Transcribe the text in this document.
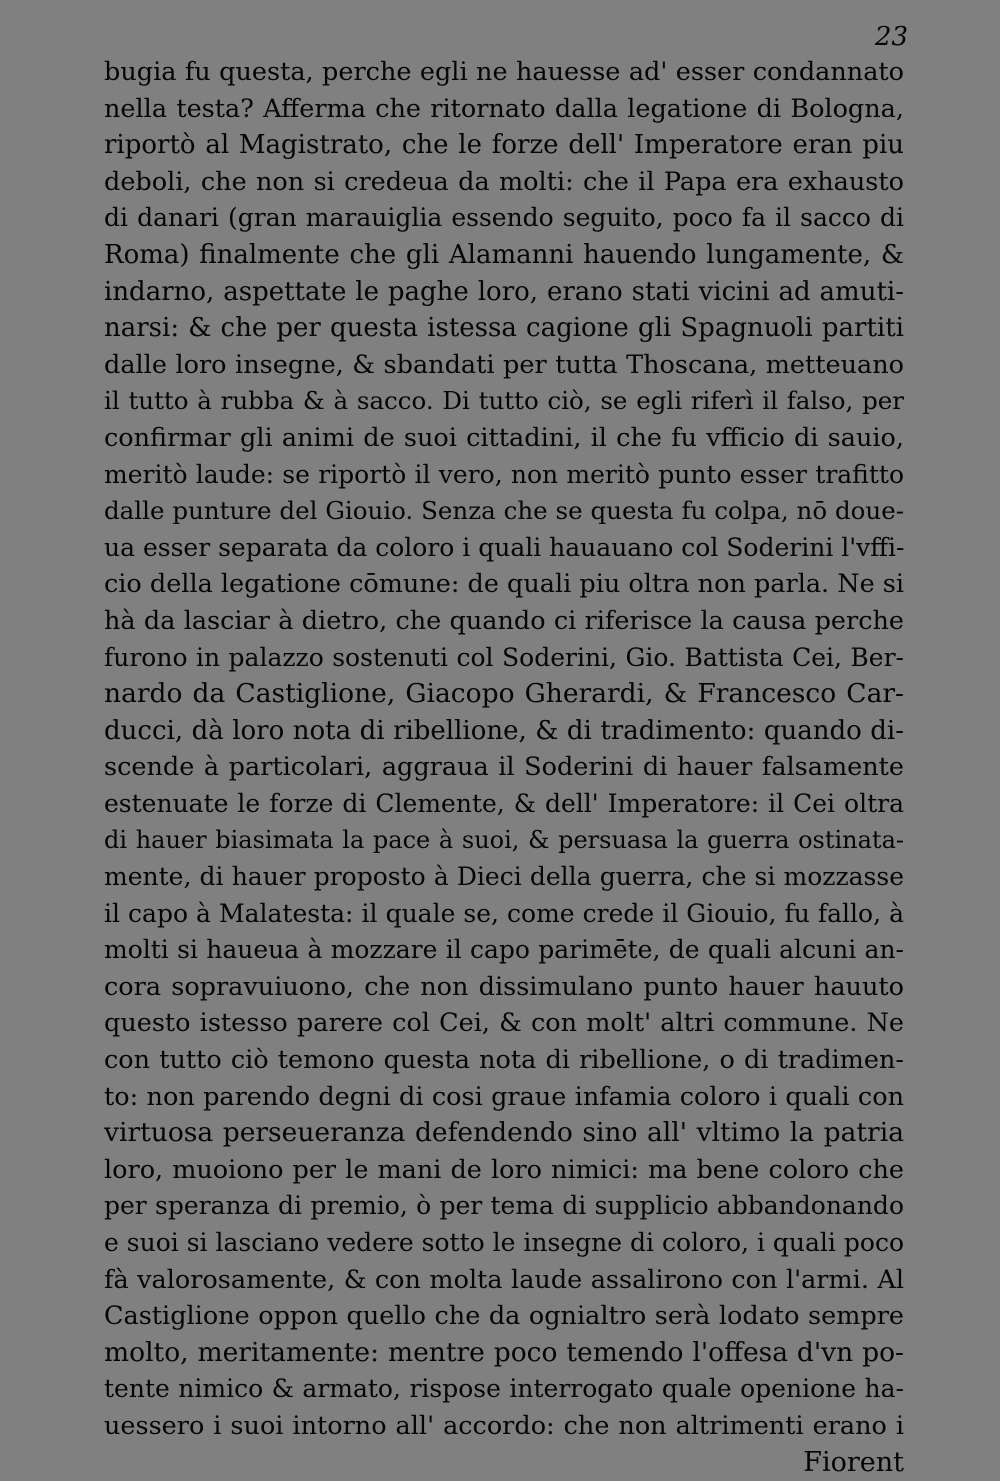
23

bugia fu questa, perche egli ne hauesse ad' esser condannato
nella testa? Afferma che ritornato dalla legatione di Bologna,
riportò al Magistrato, che le forze dell' Imperatore eran piu
deboli, che non si credeua da molti: che il Papa era exhausto
di danari (gran marauiglia essendo seguito, poco fa il sacco di
Roma) finalmente che gli Alamanni hauendo lungamente, &
indarno, aspettate le paghe loro, erano stati vicini ad amuti-
narsi: & che per questa istessa cagione gli Spagnuoli partiti
dalle loro insegne, & sbandati per tutta Thoscana, metteuano
il tutto à rubba & à sacco. Di tutto ciò, se egli riferì il falso, per
confirmar gli animi de suoi cittadini, il che fu vfficio di sauio,
meritò laude: se riportò il vero, non meritò punto esser trafitto
dalle punture del Giouio. Senza che se questa fu colpa, nō doue-
ua esser separata da coloro i quali hauauano col Soderini l'vffi-
cio della legatione cōmune: de quali piu oltra non parla. Ne si
hà da lasciar à dietro, che quando ci riferisce la causa perche
furono in palazzo sostenuti col Soderini, Gio. Battista Cei, Ber-
nardo da Castiglione, Giacopo Gherardi, & Francesco Car-
ducci, dà loro nota di ribellione, & di tradimento: quando di-
scende à particolari, aggraua il Soderini di hauer falsamente
estenuate le forze di Clemente, & dell' Imperatore: il Cei oltra
di hauer biasimata la pace à suoi, & persuasa la guerra ostinata-
mente, di hauer proposto à Dieci della guerra, che si mozzasse
il capo à Malatesta: il quale se, come crede il Giouio, fu fallo, à
molti si haueua à mozzare il capo parimēte, de quali alcuni an-
cora sopravuiuono, che non dissimulano punto hauer hauuto
questo istesso parere col Cei, & con molt' altri commune. Ne
con tutto ciò temono questa nota di ribellione, o di tradimen-
to: non parendo degni di cosi graue infamia coloro i quali con
virtuosa perseueranza defendendo sino all' vltimo la patria
loro, muoiono per le mani de loro nimici: ma bene coloro che
per speranza di premio, ò per tema di supplicio abbandonando
e suoi si lasciano vedere sotto le insegne di coloro, i quali poco
fà valorosamente, & con molta laude assalirono con l'armi. Al
Castiglione oppon quello che da ognialtro serà lodato sempre
molto, meritamente: mentre poco temendo l'offesa d'vn po-
tente nimico & armato, rispose interrogato quale openione ha-
uessero i suoi intorno all' accordo: che non altrimenti erano i
Fiorent
